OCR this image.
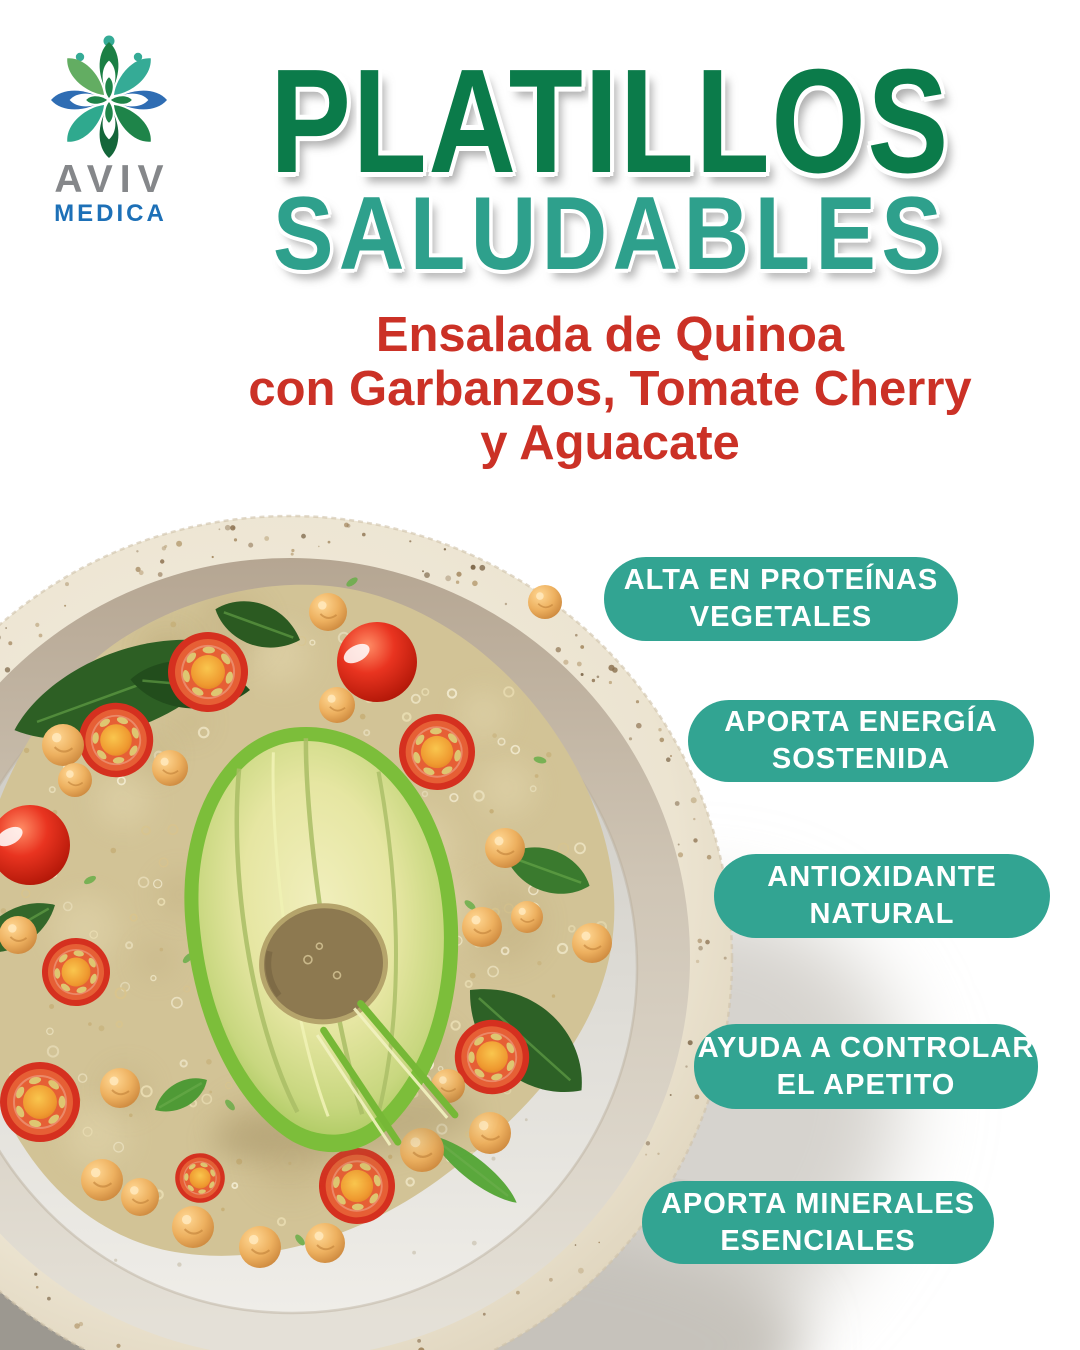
AVIV
MEDICA
PLATILLOS
SALUDABLES
Ensalada de Quinoa
con Garbanzos, Tomate Cherry
y Aguacate
ALTA EN PROTEÍNAS
VEGETALES
APORTA ENERGÍA
SOSTENIDA
ANTIOXIDANTE
NATURAL
AYUDA A CONTROLAR
EL APETITO
APORTA MINERALES
ESENCIALES
